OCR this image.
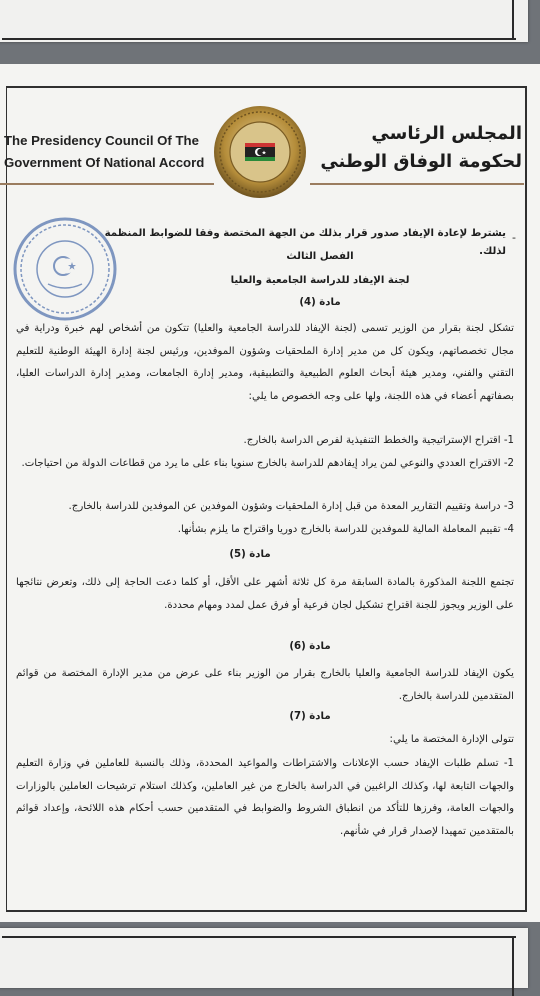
The Presidency Council Of The
Government Of National Accord
المجلس الرئاسي
لحكومة الوفاق الوطني
-
يشترط لإعادة الإيفاد صدور قرار بذلك من الجهة المختصة وفقا للضوابط المنظمة لذلك.
الفصل الثالث
لجنة الإيفاد للدراسة الجامعية والعليا
مادة (4)
تشكل لجنة بقرار من الوزير تسمى (لجنة الإيفاد للدراسة الجامعية والعليا) تتكون من أشخاص لهم خبرة ودراية في مجال تخصصاتهم، ويكون كل من مدير إدارة الملحقيات وشؤون الموفدين، ورئيس لجنة إدارة الهيئة الوطنية للتعليم التقني والفني، ومدير هيئة أبحاث العلوم الطبيعية والتطبيقية، ومدير إدارة الجامعات، ومدير إدارة الدراسات العليا، بصفاتهم أعضاء في هذه اللجنة، ولها على وجه الخصوص ما يلي:
1- اقتراح الإستراتيجية والخطط التنفيذية لفرص الدراسة بالخارج.
2- الاقتراح العددي والنوعي لمن يراد إيفادهم للدراسة بالخارج سنويا بناء على ما يرد من قطاعات الدولة من احتياجات.
3- دراسة وتقييم التقارير المعدة من قبل إدارة الملحقيات وشؤون الموفدين عن الموفدين للدراسة بالخارج.
4- تقييم المعاملة المالية للموفدين للدراسة بالخارج دوريا واقتراح ما يلزم بشأنها.
مادة (5)
تجتمع اللجنة المذكورة بالمادة السابقة مرة كل ثلاثة أشهر على الأقل، أو كلما دعت الحاجة إلى ذلك، وتعرض نتائجها على الوزير ويجوز للجنة اقتراح تشكيل لجان فرعية أو فرق عمل لمدد ومهام محددة.
مادة (6)
يكون الإيفاد للدراسة الجامعية والعليا بالخارج بقرار من الوزير بناء على عرض من مدير الإدارة المختصة من قوائم المتقدمين للدراسة بالخارج.
مادة (7)
تتولى الإدارة المختصة ما يلي:
1- تسلم طلبات الإيفاد حسب الإعلانات والاشتراطات والمواعيد المحددة، وذلك بالنسبة للعاملين في وزارة التعليم والجهات التابعة لها، وكذلك الراغبين في الدراسة بالخارج من غير العاملين، وكذلك استلام ترشيحات العاملين بالوزارات والجهات العامة، وفرزها للتأكد من انطباق الشروط والضوابط في المتقدمين حسب أحكام هذه اللائحة، وإعداد قوائم بالمتقدمين تمهيدا لإصدار قرار في شأنهم.
